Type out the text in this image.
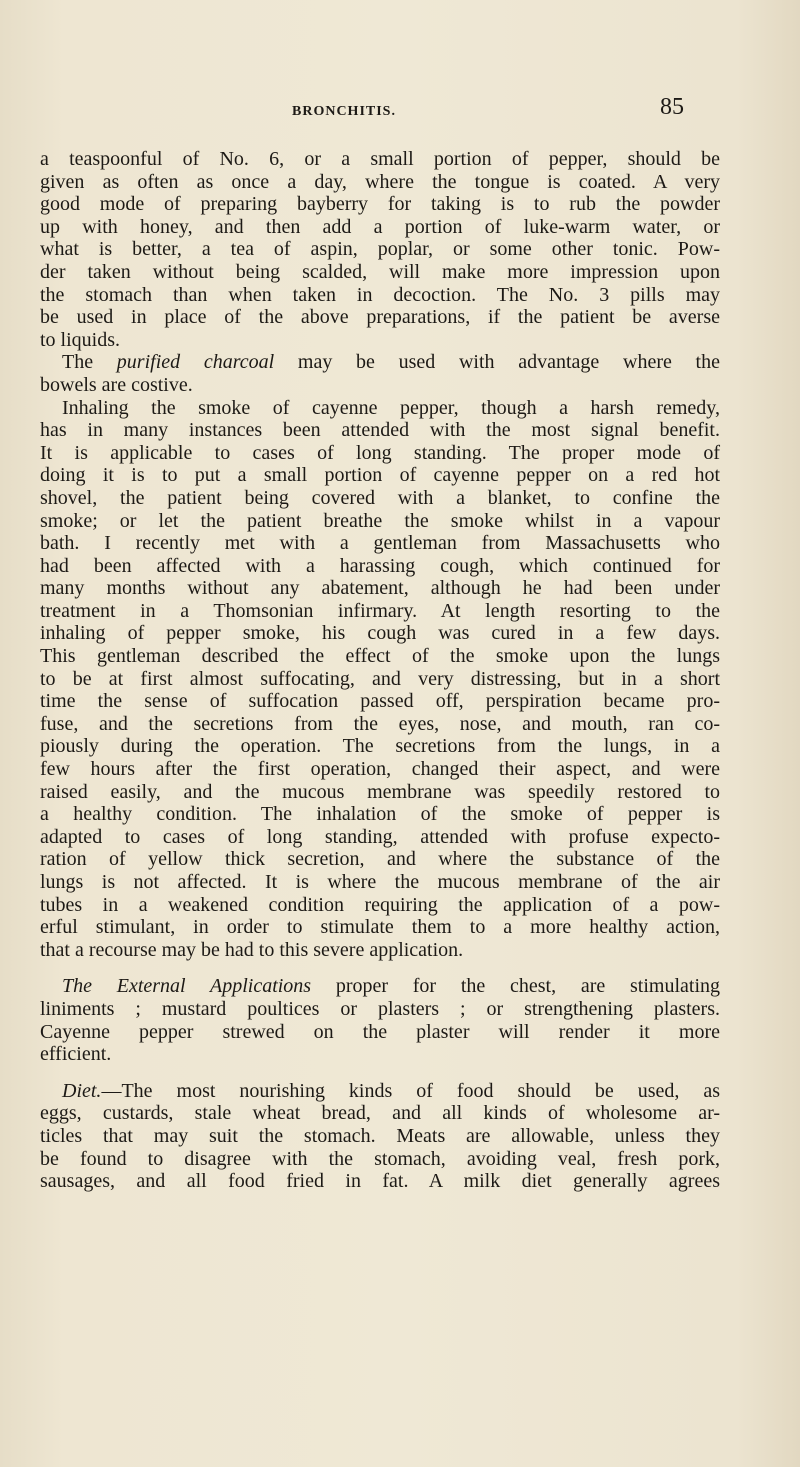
BRONCHITIS.	85
a teaspoonful of No. 6, or a small portion of pepper, should be
given as often as once a day, where the tongue is coated. A very
good mode of preparing bayberry for taking is to rub the powder
up with honey, and then add a portion of luke-warm water, or
what is better, a tea of aspin, poplar, or some other tonic. Pow-
der taken without being scalded, will make more impression upon
the stomach than when taken in decoction. The No. 3 pills may
be used in place of the above preparations, if the patient be averse
to liquids.
The purified charcoal may be used with advantage where the
bowels are costive.
Inhaling the smoke of cayenne pepper, though a harsh remedy,
has in many instances been attended with the most signal benefit.
It is applicable to cases of long standing. The proper mode of
doing it is to put a small portion of cayenne pepper on a red hot
shovel, the patient being covered with a blanket, to confine the
smoke; or let the patient breathe the smoke whilst in a vapour
bath. I recently met with a gentleman from Massachusetts who
had been affected with a harassing cough, which continued for
many months without any abatement, although he had been under
treatment in a Thomsonian infirmary. At length resorting to the
inhaling of pepper smoke, his cough was cured in a few days.
This gentleman described the effect of the smoke upon the lungs
to be at first almost suffocating, and very distressing, but in a short
time the sense of suffocation passed off, perspiration became pro-
fuse, and the secretions from the eyes, nose, and mouth, ran co-
piously during the operation. The secretions from the lungs, in a
few hours after the first operation, changed their aspect, and were
raised easily, and the mucous membrane was speedily restored to
a healthy condition. The inhalation of the smoke of pepper is
adapted to cases of long standing, attended with profuse expecto-
ration of yellow thick secretion, and where the substance of the
lungs is not affected. It is where the mucous membrane of the air
tubes in a weakened condition requiring the application of a pow-
erful stimulant, in order to stimulate them to a more healthy action,
that a recourse may be had to this severe application.
The External Applications proper for the chest, are stimulating
liniments ; mustard poultices or plasters ; or strengthening plasters.
Cayenne pepper strewed on the plaster will render it more
efficient.
Diet.—The most nourishing kinds of food should be used, as
eggs, custards, stale wheat bread, and all kinds of wholesome ar-
ticles that may suit the stomach. Meats are allowable, unless they
be found to disagree with the stomach, avoiding veal, fresh pork,
sausages, and all food fried in fat. A milk diet generally agrees
